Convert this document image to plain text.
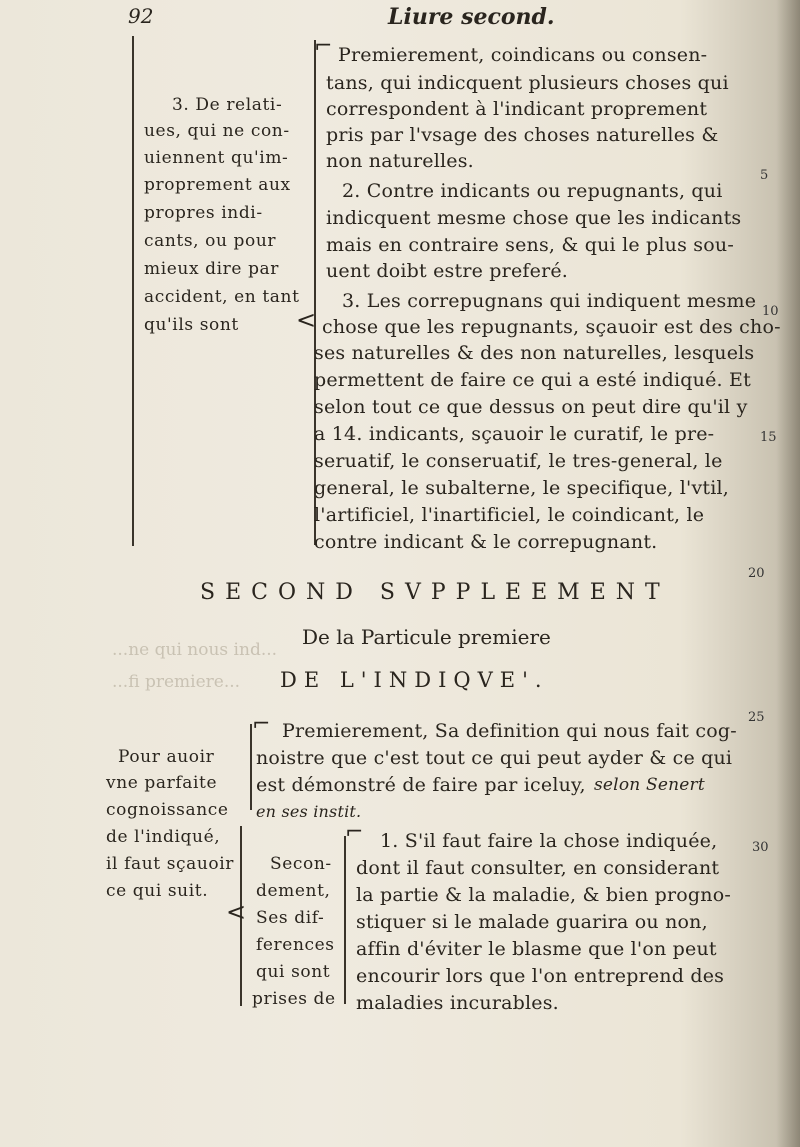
92	Liure second.
...ne qui nous ind...
...fi premiere...
3. De relati-
ues, qui ne con-
uiennent qu'im-
proprement aux
propres indi-
cants, ou pour
mieux dire par
accident, en tant
qu'ils sont <
⌐ Premierement, coindicans ou consen-
tans, qui indicquent plusieurs choses qui
correspondent à l'indicant proprement
pris par l'vsage des choses naturelles &
non naturelles.
2. Contre indicants ou repugnants, qui
indicquent mesme chose que les indicants
mais en contraire sens, & qui le plus sou-
uent doibt estre preferé.
3. Les correpugnans qui indiquent mesme
chose que les repugnants, sçauoir est des cho-
ses naturelles & des non naturelles, lesquels
permettent de faire ce qui a esté indiqué. Et
selon tout ce que dessus on peut dire qu'il y
a 14. indicants, sçauoir le curatif, le pre-
seruatif, le conseruatif, le tres-general, le
general, le subalterne, le specifique, l'vtil,
l'artificiel, l'inartificiel, le coindicant, le
contre indicant & le correpugnant.
5
10
15
20
25
30
SECOND SVPPLEEMENT
De la Particule premiere
DE L'INDIQVE'.
Pour auoir
vne parfaite
cognoissance
de l'indiqué,
il faut sçauoir
ce qui suit.
⌐
<
Secon-
dement,
Ses dif-
ferences
qui sont
prises de
Premierement, Sa definition qui nous fait cog-
noistre que c'est tout ce qui peut ayder & ce qui
est démonstré de faire par iceluy, selon Senert
en ses instit.
⌐ 1. S'il faut faire la chose indiquée,
dont il faut consulter, en considerant
la partie & la maladie, & bien progno-
stiquer si le malade guarira ou non,
affin d'éviter le blasme que l'on peut
encourir lors que l'on entreprend des
maladies incurables.
